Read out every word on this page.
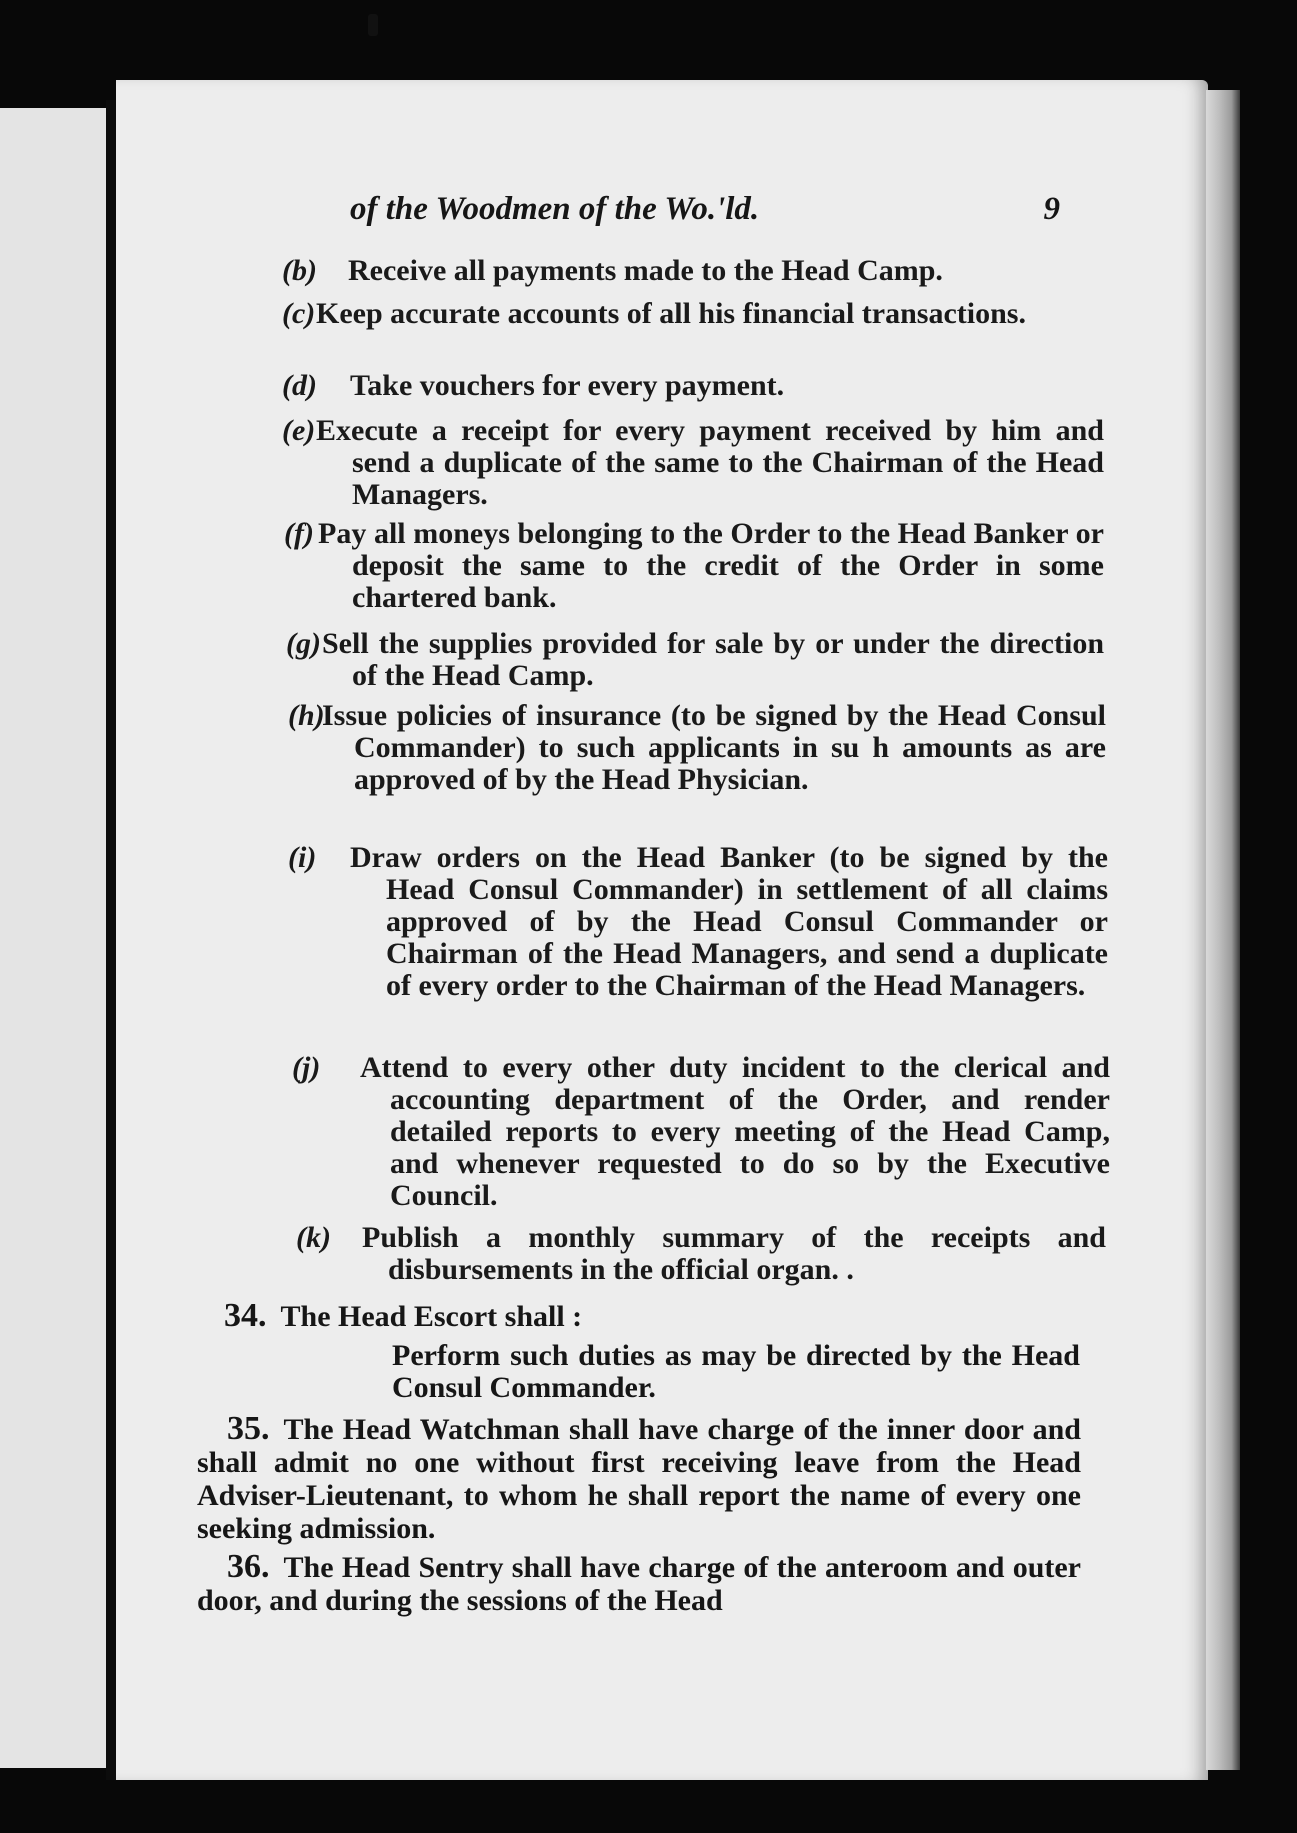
of the Woodmen of the Wo.'ld.	9
(b) Receive all payments made to the Head Camp.
(c) Keep accurate accounts of all his financial transactions.
(d) Take vouchers for every payment.
(e) Execute a receipt for every payment received by him and send a duplicate of the same to the Chairman of the Head Managers.
(f) Pay all moneys belonging to the Order to the Head Banker or deposit the same to the credit of the Order in some chartered bank.
(g) Sell the supplies provided for sale by or under the direction of the Head Camp.
(h)
Issue policies of insurance (to be signed by the Head Consul Commander) to such applicants in su h amounts as are approved of by the Head Physician.
(i) Draw orders on the Head Banker (to be signed by the Head Consul Commander) in settlement of all claims approved of by the Head Consul Commander or Chairman of the Head Managers, and send a duplicate of every order to the Chairman of the Head Managers.
(j) Attend to every other duty incident to the clerical and accounting department of the Order, and render detailed reports to every meeting of the Head Camp, and whenever requested to do so by the Executive Council.
(k) Publish a monthly summary of the receipts and disbursements in the official organ. .
34. The Head Escort shall :
Perform such duties as may be directed by the Head Consul Commander.
35. The Head Watchman shall have charge of the inner door and shall admit no one without first receiving leave from the Head Adviser-Lieutenant, to whom he shall report the name of every one seeking admission.
36. The Head Sentry shall have charge of the anteroom and outer door, and during the sessions of the Head
